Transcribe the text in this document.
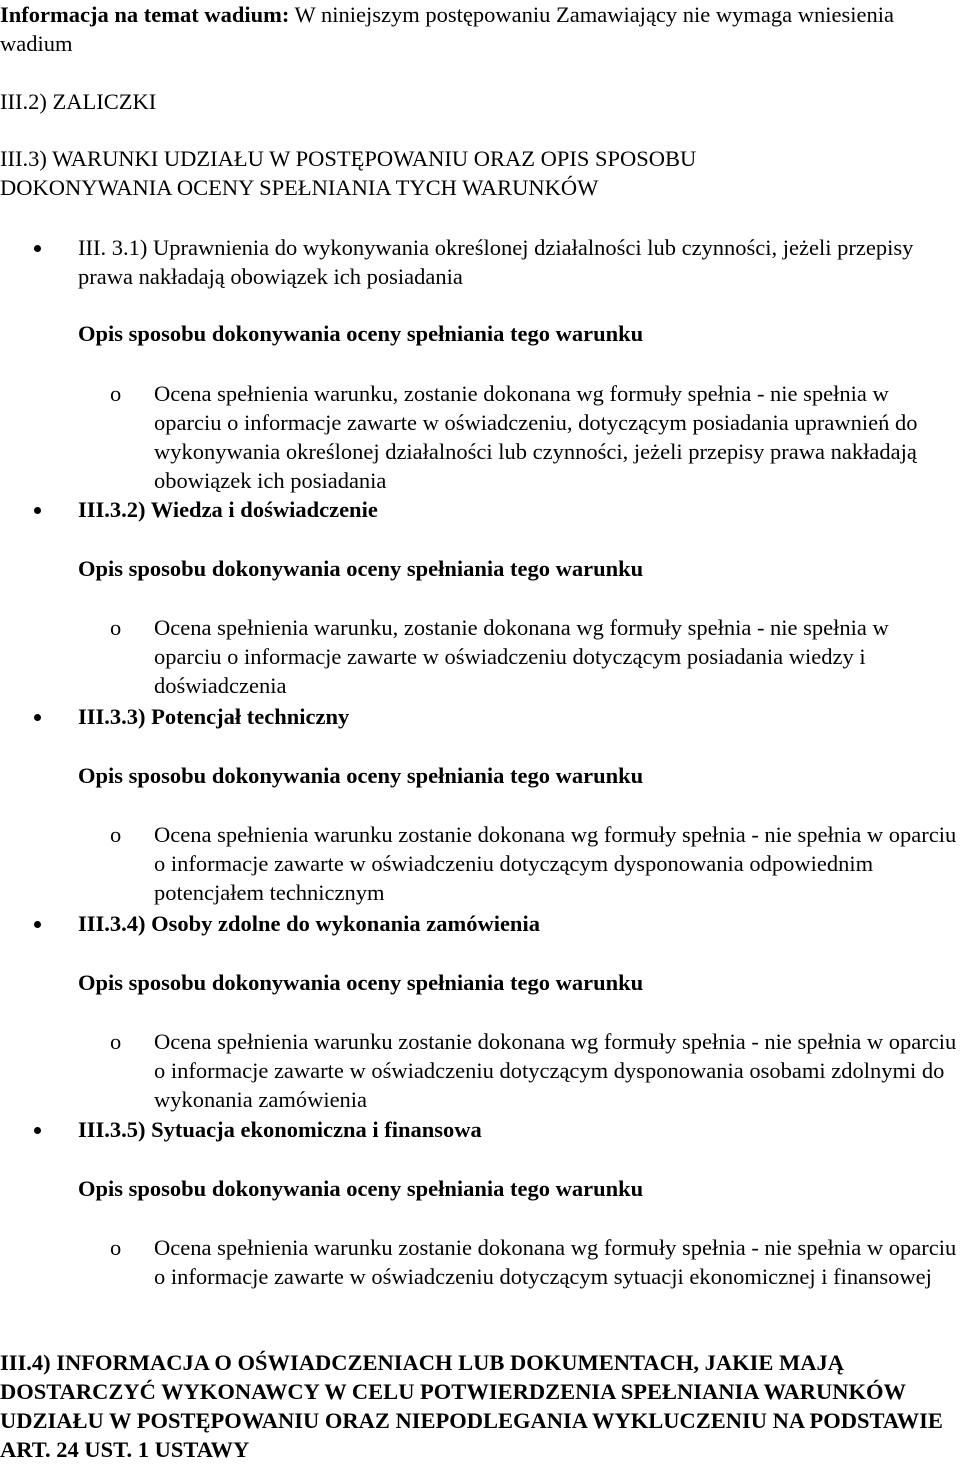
Informacja na temat wadium: W niniejszym postępowaniu Zamawiający nie wymaga wniesienia wadium

III.2) ZALICZKI

III.3) WARUNKI UDZIAŁU W POSTĘPOWANIU ORAZ OPIS SPOSOBU

DOKONYWANIA OCENY SPEŁNIANIA TYCH WARUNKÓW

III. 3.1) Uprawnienia do wykonywania określonej działalności lub czynności, jeżeli przepisy prawa nakładają obowiązek ich posiadania

Opis sposobu dokonywania oceny spełniania tego warunku

o Ocena spełnienia warunku, zostanie dokonana wg formuły spełnia - nie spełnia w oparciu o informacje zawarte w oświadczeniu, dotyczącym posiadania uprawnień do wykonywania określonej działalności lub czynności, jeżeli przepisy prawa nakładają obowiązek ich posiadania
III.3.2) Wiedza i doświadczenie

Opis sposobu dokonywania oceny spełniania tego warunku

o Ocena spełnienia warunku, zostanie dokonana wg formuły spełnia - nie spełnia w oparciu o informacje zawarte w oświadczeniu dotyczącym posiadania wiedzy i doświadczenia
III.3.3) Potencjał techniczny

Opis sposobu dokonywania oceny spełniania tego warunku

o Ocena spełnienia warunku zostanie dokonana wg formuły spełnia - nie spełnia w oparciu o informacje zawarte w oświadczeniu dotyczącym dysponowania odpowiednim potencjałem technicznym
III.3.4) Osoby zdolne do wykonania zamówienia

Opis sposobu dokonywania oceny spełniania tego warunku

o Ocena spełnienia warunku zostanie dokonana wg formuły spełnia - nie spełnia w oparciu o informacje zawarte w oświadczeniu dotyczącym dysponowania osobami zdolnymi do wykonania zamówienia
III.3.5) Sytuacja ekonomiczna i finansowa

Opis sposobu dokonywania oceny spełniania tego warunku

o Ocena spełnienia warunku zostanie dokonana wg formuły spełnia - nie spełnia w oparciu o informacje zawarte w oświadczeniu dotyczącym sytuacji ekonomicznej i finansowej

III.4) INFORMACJA O OŚWIADCZENIACH LUB DOKUMENTACH, JAKIE MAJĄ DOSTARCZYĆ WYKONAWCY W CELU POTWIERDZENIA SPEŁNIANIA WARUNKÓW UDZIAŁU W POSTĘPOWANIU ORAZ NIEPODLEGANIA WYKLUCZENIU NA PODSTAWIE ART. 24 UST. 1 USTAWY
